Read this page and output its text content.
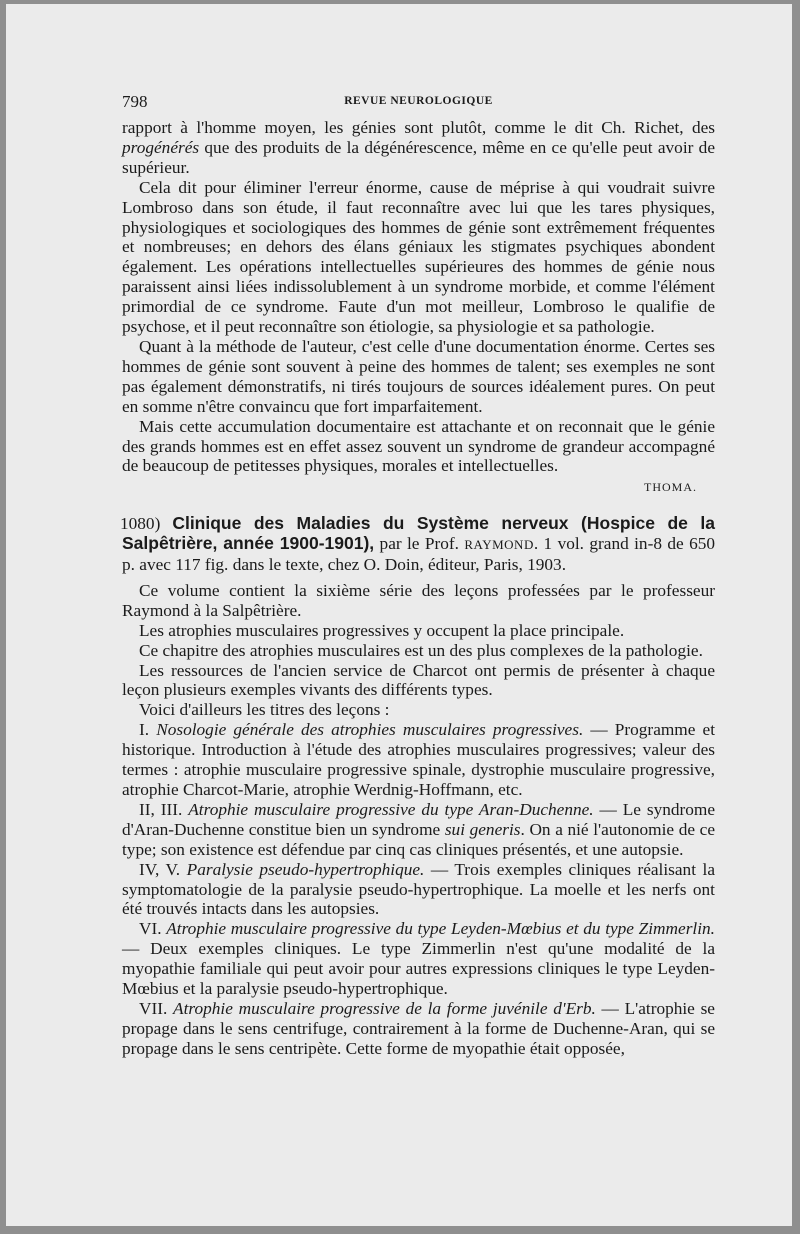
798	REVUE NEUROLOGIQUE

rapport à l'homme moyen, les génies sont plutôt, comme le dit Ch. Richet, des progénérés que des produits de la dégénérescence, même en ce qu'elle peut avoir de supérieur.

Cela dit pour éliminer l'erreur énorme, cause de méprise à qui voudrait suivre Lombroso dans son étude, il faut reconnaître avec lui que les tares physiques, physiologiques et sociologiques des hommes de génie sont extrêmement fréquentes et nombreuses; en dehors des élans géniaux les stigmates psychiques abondent également. Les opérations intellectuelles supérieures des hommes de génie nous paraissent ainsi liées indissolublement à un syndrome morbide, et comme l'élément primordial de ce syndrome. Faute d'un mot meilleur, Lombroso le qualifie de psychose, et il peut reconnaître son étiologie, sa physiologie et sa pathologie.

Quant à la méthode de l'auteur, c'est celle d'une documentation énorme. Certes ses hommes de génie sont souvent à peine des hommes de talent; ses exemples ne sont pas également démonstratifs, ni tirés toujours de sources idéalement pures. On peut en somme n'être convaincu que fort imparfaitement.

Mais cette accumulation documentaire est attachante et on reconnait que le génie des grands hommes est en effet assez souvent un syndrome de grandeur accompagné de beaucoup de petitesses physiques, morales et intellectuelles.

THOMA.

1080) Clinique des Maladies du Système nerveux (Hospice de la Salpêtrière, année 1900-1901), par le Prof. RAYMOND. 1 vol. grand in-8 de 650 p. avec 117 fig. dans le texte, chez O. Doin, éditeur, Paris, 1903.

Ce volume contient la sixième série des leçons professées par le professeur Raymond à la Salpêtrière.

Les atrophies musculaires progressives y occupent la place principale.

Ce chapitre des atrophies musculaires est un des plus complexes de la pathologie.

Les ressources de l'ancien service de Charcot ont permis de présenter à chaque leçon plusieurs exemples vivants des différents types.

Voici d'ailleurs les titres des leçons :

I. Nosologie générale des atrophies musculaires progressives. — Programme et historique. Introduction à l'étude des atrophies musculaires progressives; valeur des termes : atrophie musculaire progressive spinale, dystrophie musculaire progressive, atrophie Charcot-Marie, atrophie Werdnig-Hoffmann, etc.

II, III. Atrophie musculaire progressive du type Aran-Duchenne. — Le syndrome d'Aran-Duchenne constitue bien un syndrome sui generis. On a nié l'autonomie de ce type; son existence est défendue par cinq cas cliniques présentés, et une autopsie.

IV, V. Paralysie pseudo-hypertrophique. — Trois exemples cliniques réalisant la symptomatologie de la paralysie pseudo-hypertrophique. La moelle et les nerfs ont été trouvés intacts dans les autopsies.

VI. Atrophie musculaire progressive du type Leyden-Mœbius et du type Zimmerlin. — Deux exemples cliniques. Le type Zimmerlin n'est qu'une modalité de la myopathie familiale qui peut avoir pour autres expressions cliniques le type Leyden-Mœbius et la paralysie pseudo-hypertrophique.

VII. Atrophie musculaire progressive de la forme juvénile d'Erb. — L'atrophie se propage dans le sens centrifuge, contrairement à la forme de Duchenne-Aran, qui se propage dans le sens centripète. Cette forme de myopathie était opposée,
